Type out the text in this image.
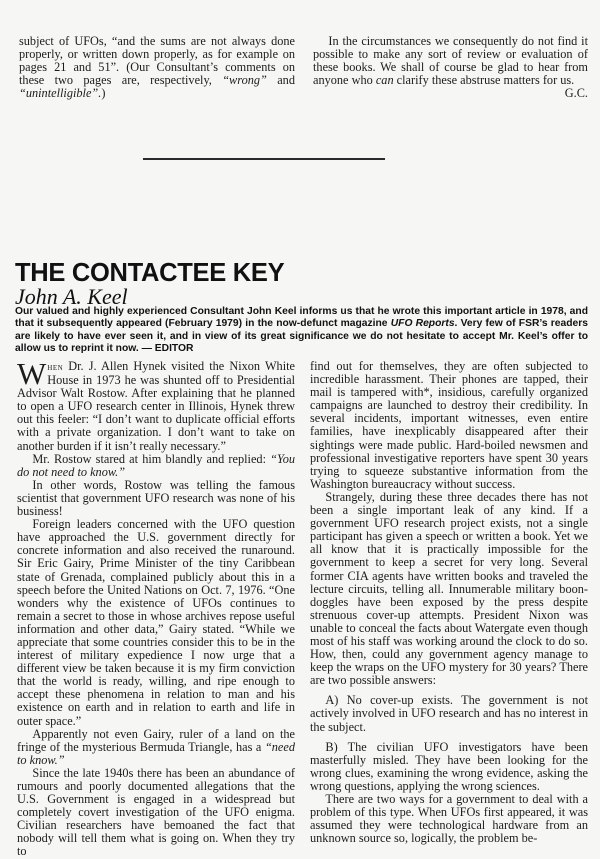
subject of UFOs, “and the sums are not always done properly, or written down properly, as for example on pages 21 and 51”. (Our Consultant’s comments on these two pages are, respectively, “wrong” and “unintelligible”.)

In the circumstances we consequently do not find it possible to make any sort of review or evaluation of these books. We shall of course be glad to hear from anyone who can clarify these abstruse matters for us.

G.C.
THE CONTACTEE KEY
John A. Keel

Our valued and highly experienced Consultant John Keel informs us that he wrote this important article in 1978, and that it subsequently appeared (February 1979) in the now-defunct magazine UFO Reports. Very few of FSR’s readers are likely to have ever seen it, and in view of its great significance we do not hesitate to accept Mr. Keel’s offer to allow us to reprint it now. — EDITOR

When Dr. J. Allen Hynek visited the Nixon White House in 1973 he was shunted off to Presidential Advisor Walt Rostow. After explaining that he planned to open a UFO research center in Illinois, Hynek threw out this feeler: “I don’t want to duplicate official efforts with a private organization. I don’t want to take on another burden if it isn’t really necessary.”

Mr. Rostow stared at him blandly and replied: “You do not need to know.”

In other words, Rostow was telling the famous scientist that government UFO research was none of his business!

Foreign leaders concerned with the UFO question have approached the U.S. government directly for concrete information and also received the runaround. Sir Eric Gairy, Prime Minister of the tiny Caribbean state of Grenada, complained publicly about this in a speech before the United Nations on Oct. 7, 1976. “One wonders why the existence of UFOs continues to remain a secret to those in whose archives repose useful information and other data,” Gairy stated. “While we appreciate that some countries consider this to be in the interest of military expedience I now urge that a different view be taken because it is my firm conviction that the world is ready, willing, and ripe enough to accept these phenomena in relation to man and his existence on earth and in relation to earth and life in outer space.”

Apparently not even Gairy, ruler of a land on the fringe of the mysterious Bermuda Triangle, has a “need to know.”

Since the late 1940s there has been an abundance of rumours and poorly documented allegations that the U.S. Government is engaged in a widespread but completely covert investigation of the UFO enigma. Civilian researchers have bemoaned the fact that nobody will tell them what is going on. When they try to

find out for themselves, they are often subjected to incredible harassment. Their phones are tapped, their mail is tampered with*, insidious, carefully organized campaigns are launched to destroy their credibility. In several incidents, important witnesses, even entire families, have inexplicably disappeared after their sightings were made public. Hard-boiled newsmen and professional investigative reporters have spent 30 years trying to squeeze substantive information from the Washington bureaucracy without success.

Strangely, during these three decades there has not been a single important leak of any kind. If a government UFO research project exists, not a single participant has given a speech or written a book. Yet we all know that it is practically impossible for the government to keep a secret for very long. Several former CIA agents have written books and traveled the lecture circuits, telling all. Innumerable military boon-doggles have been exposed by the press despite strenuous cover-up attempts. President Nixon was unable to conceal the facts about Watergate even though most of his staff was working around the clock to do so. How, then, could any government agency manage to keep the wraps on the UFO mystery for 30 years? There are two possible answers:

A) No cover-up exists. The government is not actively involved in UFO research and has no interest in the subject.

B) The civilian UFO investigators have been masterfully misled. They have been looking for the wrong clues, examining the wrong evidence, asking the wrong questions, applying the wrong sciences.

There are two ways for a government to deal with a problem of this type. When UFOs first appeared, it was assumed they were technological hardware from an unknown source so, logically, the problem be-
